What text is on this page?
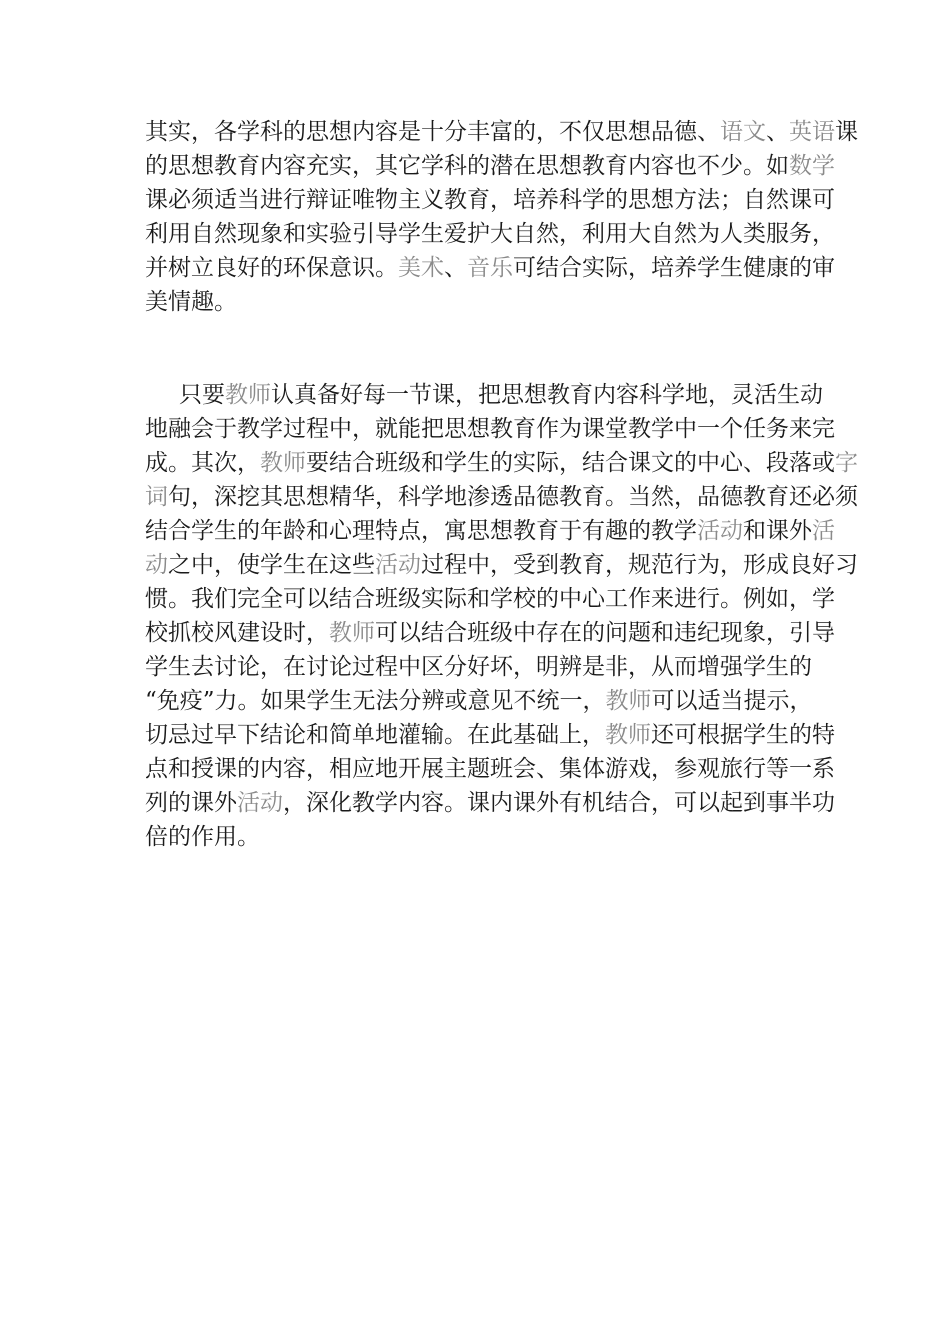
其实，各学科的思想内容是十分丰富的，不仅思想品德、语文、英语课
的思想教育内容充实，其它学科的潜在思想教育内容也不少。如数学
课必须适当进行辩证唯物主义教育，培养科学的思想方法；自然课可
利用自然现象和实验引导学生爱护大自然，利用大自然为人类服务，
并树立良好的环保意识。美术、音乐可结合实际，培养学生健康的审
美情趣。
只要教师认真备好每一节课，把思想教育内容科学地，灵活生动
地融会于教学过程中，就能把思想教育作为课堂教学中一个任务来完
成。其次，教师要结合班级和学生的实际，结合课文的中心、段落或字
词句，深挖其思想精华，科学地渗透品德教育。当然，品德教育还必须
结合学生的年龄和心理特点，寓思想教育于有趣的教学活动和课外活
动之中，使学生在这些活动过程中，受到教育，规范行为，形成良好习
惯。我们完全可以结合班级实际和学校的中心工作来进行。例如，学
校抓校风建设时，教师可以结合班级中存在的问题和违纪现象，引导
学生去讨论，在讨论过程中区分好坏，明辨是非，从而增强学生的
“免疫”力。如果学生无法分辨或意见不统一，教师可以适当提示，
切忌过早下结论和简单地灌输。在此基础上，教师还可根据学生的特
点和授课的内容，相应地开展主题班会、集体游戏，参观旅行等一系
列的课外活动，深化教学内容。课内课外有机结合，可以起到事半功
倍的作用。
